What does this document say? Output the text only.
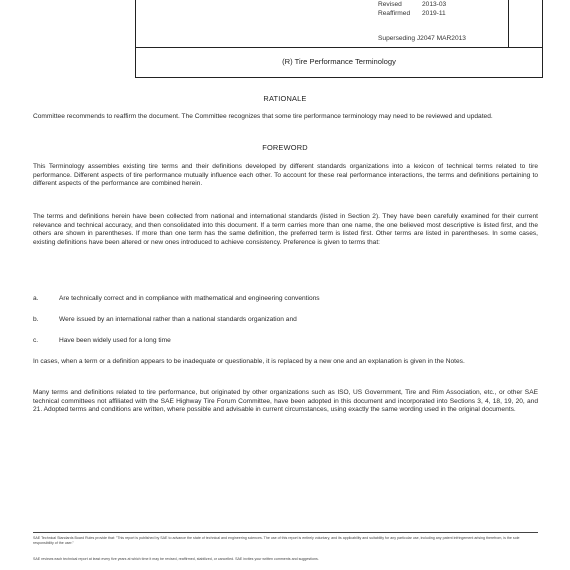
(R) Tire Performance Terminology
Revised	2013-03
Reaffirmed 2019-11
Superseding J2047 MAR2013
RATIONALE

Committee recommends to reaffirm the document. The Committee recognizes that some tire performance terminology may need to be reviewed and updated.

FOREWORD

This Terminology assembles existing tire terms and their definitions developed by different standards organizations into a lexicon of technical terms related to tire performance. Different aspects of tire performance mutually influence each other. To account for these real performance interactions, the terms and definitions pertaining to different aspects of the performance are combined herein.

The terms and definitions herein have been collected from national and international standards (listed in Section 2). They have been carefully examined for their current relevance and technical accuracy, and then consolidated into this document. If a term carries more than one name, the one believed most descriptive is listed first, and the others are shown in parentheses. If more than one term has the same definition, the preferred term is listed first. Other terms are listed in parentheses. In some cases, existing definitions have been altered or new ones introduced to achieve consistency. Preference is given to terms that:

a.	Are technically correct and in compliance with mathematical and engineering conventions
b.	Were issued by an international rather than a national standards organization and
c.	Have been widely used for a long time

In cases, when a term or a definition appears to be inadequate or questionable, it is replaced by a new one and an explanation is given in the Notes.

Many terms and definitions related to tire performance, but originated by other organizations such as ISO, US Government, Tire and Rim Association, etc., or other SAE technical committees not affiliated with the SAE Highway Tire Forum Committee, have been adopted in this document and incorporated into Sections 3, 4, 18, 19, 20, and 21. Adopted terms and conditions are written, where possible and advisable in current circumstances, using exactly the same wording used in the original documents.

SAE Technical Standards Board Rules provide that: "This report is published by SAE to advance the state of technical and engineering sciences. The use of this report is entirely voluntary, and its applicability and suitability for any particular use, including any patent infringement arising therefrom, is the sole responsibility of the user."

SAE reviews each technical report at least every five years at which time it may be revised, reaffirmed, stabilized, or cancelled. SAE invites your written comments and suggestions.
